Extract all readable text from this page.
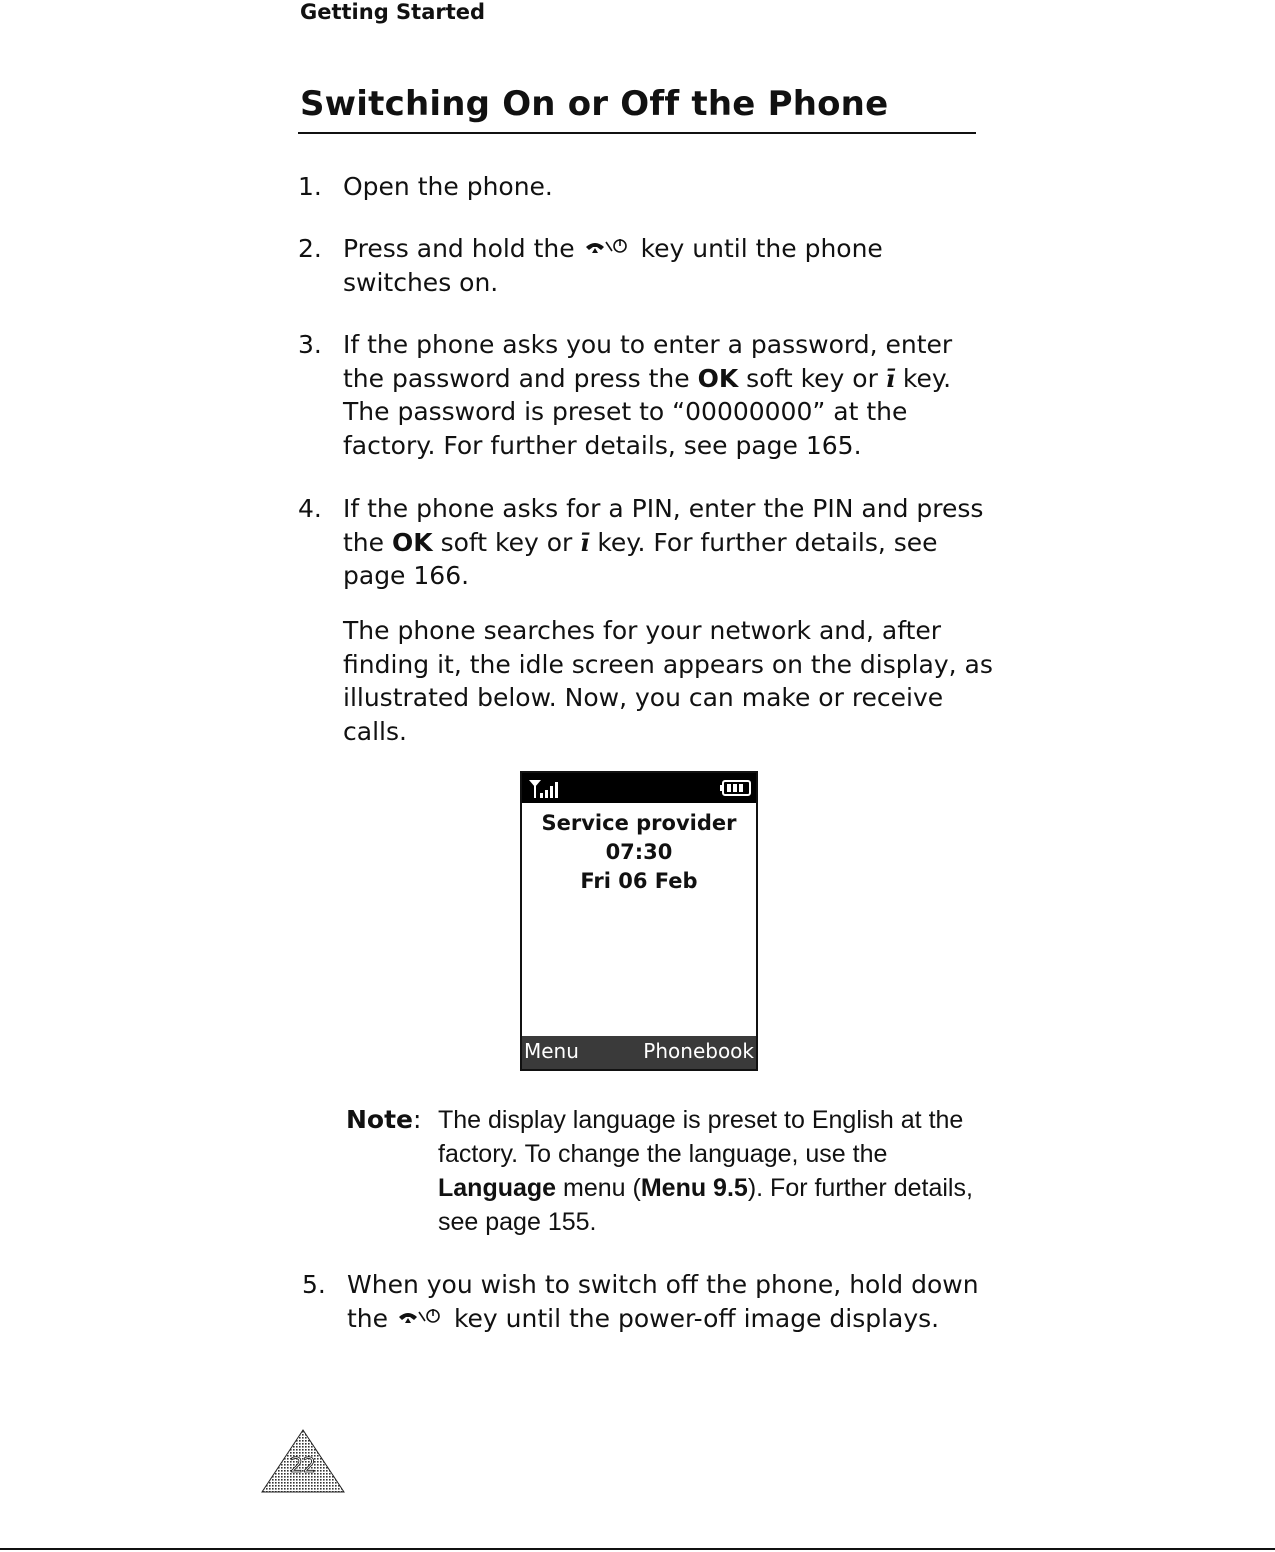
Getting Started
Switching On or Off the Phone
1. Open the phone.
2. Press and hold the	key until the phone switches on.
3. If the phone asks you to enter a password, enter the password and press the OK soft key or ī key. The password is preset to “00000000” at the factory. For further details, see page 165.
4. If the phone asks for a PIN, enter the PIN and press the OK soft key or ī key. For further details, see page 166.
The phone searches for your network and, after finding it, the idle screen appears on the display, as illustrated below. Now, you can make or receive calls.
Service provider
07:30
Fri 06 Feb
Menu	Phonebook
Note: The display language is preset to English at the factory. To change the language, use the Language menu (Menu 9.5). For further details, see page 155.
5. When you wish to switch off the phone, hold down the	key until the power-off image displays.
22
